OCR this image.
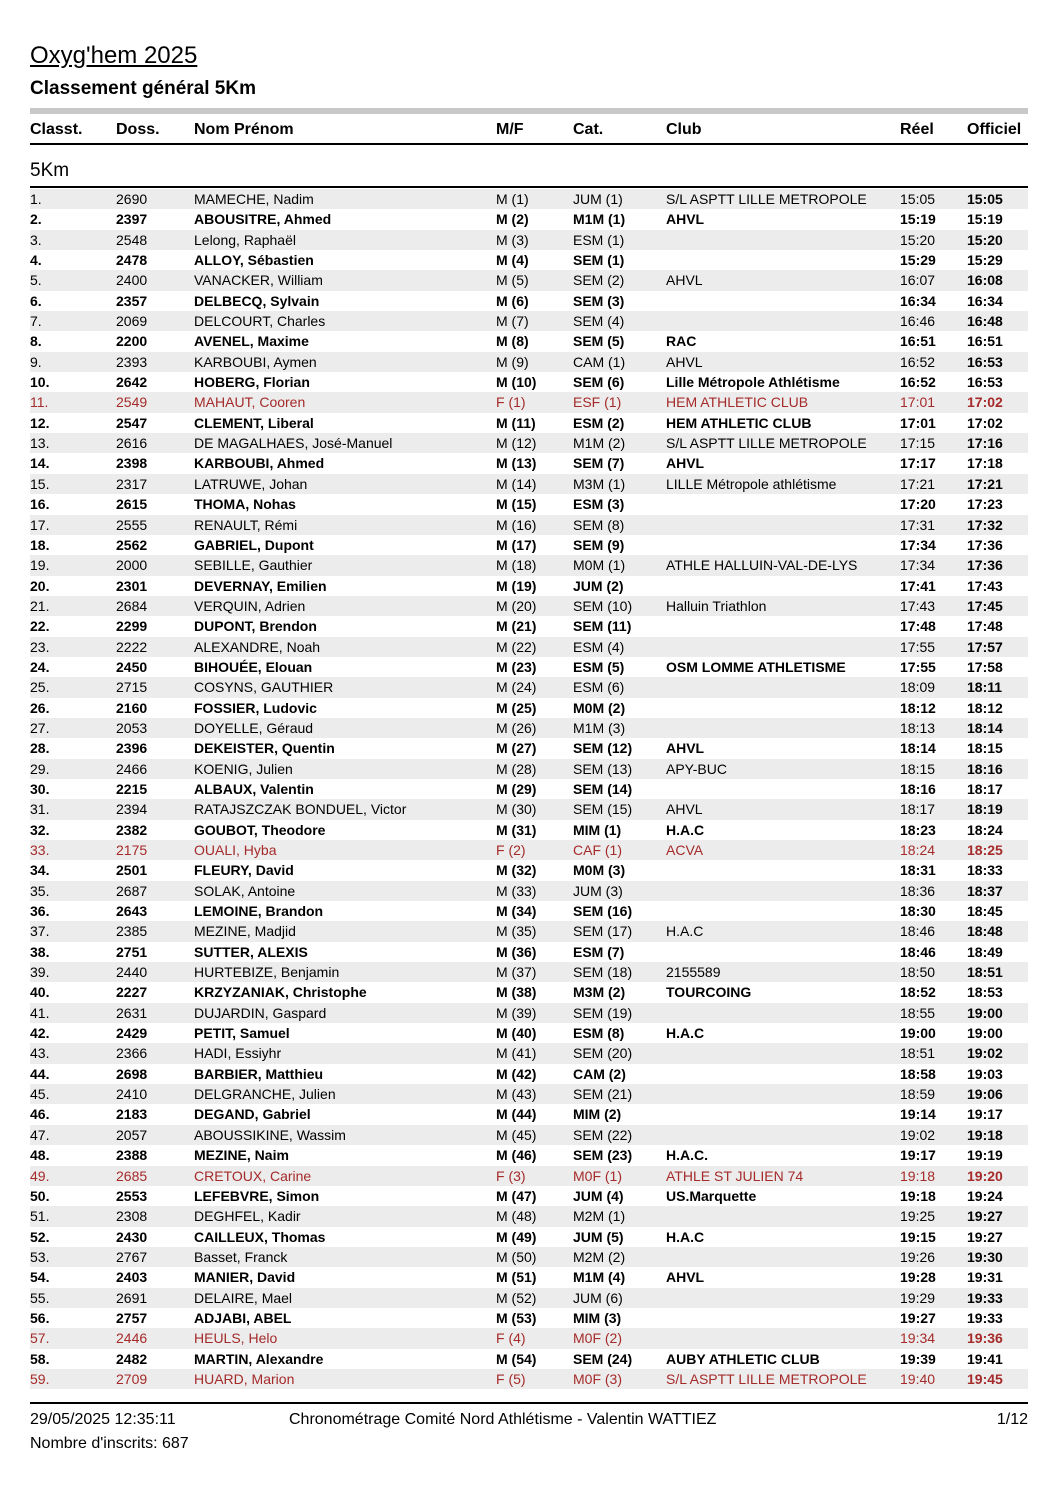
Oxyg'hem 2025
Classement général 5Km
Classt. Doss. Nom Prénom	M/F	Cat.	Club	Réel Officiel
5Km
1.	2690	MAMECHE, Nadim	M (1)	JUM (1)	S/L ASPTT LILLE METROPOLE 15:05 15:05
2.	2397	ABOUSITRE, Ahmed	M (2)	M1M (1)	AHVL	15:19 15:19
3.	2548	Lelong, Raphaël	M (3)	ESM (1)	15:20 15:20
4.	2478	ALLOY, Sébastien	M (4)	SEM (1)	15:29 15:29
5.	2400	VANACKER, William	M (5)	SEM (2)	AHVL	16:07 16:08
6.	2357	DELBECQ, Sylvain	M (6)	SEM (3)	16:34 16:34
7.	2069	DELCOURT, Charles	M (7)	SEM (4)	16:46 16:48
8.	2200	AVENEL, Maxime	M (8)	SEM (5)	RAC	16:51 16:51
9.	2393	KARBOUBI, Aymen	M (9)	CAM (1)	AHVL	16:52 16:53
10.	2642	HOBERG, Florian	M (10)	SEM (6)	Lille Métropole Athlétisme	16:52 16:53
11.	2549	MAHAUT, Cooren	F (1)	ESF (1)	HEM ATHLETIC CLUB	17:01 17:02
12.	2547	CLEMENT, Liberal	M (11)	ESM (2)	HEM ATHLETIC CLUB	17:01 17:02
13.	2616	DE MAGALHAES, José-Manuel	M (12)	M1M (2)	S/L ASPTT LILLE METROPOLE 17:15 17:16
14.	2398	KARBOUBI, Ahmed	M (13)	SEM (7)	AHVL	17:17 17:18
15.	2317	LATRUWE, Johan	M (14)	M3M (1)	LILLE Métropole athlétisme	17:21 17:21
16.	2615	THOMA, Nohas	M (15)	ESM (3)	17:20 17:23
17.	2555	RENAULT, Rémi	M (16)	SEM (8)	17:31 17:32
18.	2562	GABRIEL, Dupont	M (17)	SEM (9)	17:34 17:36
19.	2000	SEBILLE, Gauthier	M (18)	M0M (1)	ATHLE HALLUIN-VAL-DE-LYS	17:34 17:36
20.	2301	DEVERNAY, Emilien	M (19)	JUM (2)	17:41 17:43
21.	2684	VERQUIN, Adrien	M (20)	SEM (10) Halluin Triathlon	17:43 17:45
22.	2299	DUPONT, Brendon	M (21)	SEM (11)	17:48 17:48
23.	2222	ALEXANDRE, Noah	M (22)	ESM (4)	17:55 17:57
24.	2450	BIHOUÉE, Elouan	M (23)	ESM (5)	OSM LOMME ATHLETISME	17:55 17:58
25.	2715	COSYNS, GAUTHIER	M (24)	ESM (6)	18:09 18:11
26.	2160	FOSSIER, Ludovic	M (25)	M0M (2)	18:12 18:12
27.	2053	DOYELLE, Géraud	M (26)	M1M (3)	18:13 18:14
28.	2396	DEKEISTER, Quentin	M (27)	SEM (12) AHVL	18:14 18:15
29.	2466	KOENIG, Julien	M (28)	SEM (13) APY-BUC	18:15 18:16
30.	2215	ALBAUX, Valentin	M (29)	SEM (14)	18:16 18:17
31.	2394	RATAJSZCZAK BONDUEL, Victor	M (30)	SEM (15) AHVL	18:17 18:19
32.	2382	GOUBOT, Theodore	M (31)	MIM (1)	H.A.C	18:23 18:24
33.	2175	OUALI, Hyba	F (2)	CAF (1)	ACVA	18:24 18:25
34.	2501	FLEURY, David	M (32)	M0M (3)	18:31 18:33
35.	2687	SOLAK, Antoine	M (33)	JUM (3)	18:36 18:37
36.	2643	LEMOINE, Brandon	M (34)	SEM (16)	18:30 18:45
37.	2385	MEZINE, Madjid	M (35)	SEM (17) H.A.C	18:46 18:48
38.	2751	SUTTER, ALEXIS	M (36)	ESM (7)	18:46 18:49
39.	2440	HURTEBIZE, Benjamin	M (37)	SEM (18) 2155589	18:50 18:51
40.	2227	KRZYZANIAK, Christophe	M (38)	M3M (2)	TOURCOING	18:52 18:53
41.	2631	DUJARDIN, Gaspard	M (39)	SEM (19)	18:55 19:00
42.	2429	PETIT, Samuel	M (40)	ESM (8)	H.A.C	19:00 19:00
43.	2366	HADI, Essiyhr	M (41)	SEM (20)	18:51 19:02
44.	2698	BARBIER, Matthieu	M (42)	CAM (2)	18:58 19:03
45.	2410	DELGRANCHE, Julien	M (43)	SEM (21)	18:59 19:06
46.	2183	DEGAND, Gabriel	M (44)	MIM (2)	19:14 19:17
47.	2057	ABOUSSIKINE, Wassim	M (45)	SEM (22)	19:02 19:18
48.	2388	MEZINE, Naim	M (46)	SEM (23) H.A.C.	19:17 19:19
49.	2685	CRETOUX, Carine	F (3)	M0F (1)	ATHLE ST JULIEN 74	19:18 19:20
50.	2553	LEFEBVRE, Simon	M (47)	JUM (4)	US.Marquette	19:18 19:24
51.	2308	DEGHFEL, Kadir	M (48)	M2M (1)	19:25 19:27
52.	2430	CAILLEUX, Thomas	M (49)	JUM (5)	H.A.C	19:15 19:27
53.	2767	Basset, Franck	M (50)	M2M (2)	19:26 19:30
54.	2403	MANIER, David	M (51)	M1M (4)	AHVL	19:28 19:31
55.	2691	DELAIRE, Mael	M (52)	JUM (6)	19:29 19:33
56.	2757	ADJABI, ABEL	M (53)	MIM (3)	19:27 19:33
57.	2446	HEULS, Helo	F (4)	M0F (2)	19:34 19:36
58.	2482	MARTIN, Alexandre	M (54)	SEM (24) AUBY ATHLETIC CLUB	19:39 19:41
59.	2709	HUARD, Marion	F (5)	M0F (3)	S/L ASPTT LILLE METROPOLE 19:40 19:45
29/05/2025 12:35:11	Chronométrage Comité Nord Athlétisme - Valentin WATTIEZ	1/12
Nombre d'inscrits: 687
